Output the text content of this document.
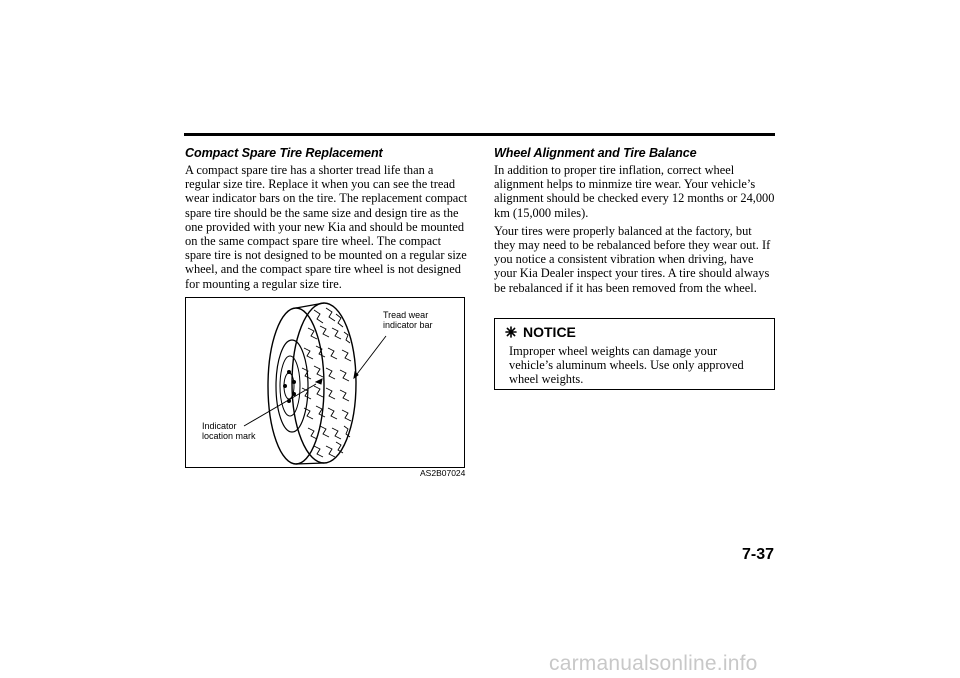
Compact Spare Tire Replacement

A compact spare tire has a shorter tread life than a regular size tire. Replace it when you can see the tread wear indicator bars on the tire. The replacement compact spare tire should be the same size and design tire as the one provided with your new Kia and should be mounted on the same compact spare tire wheel. The compact spare tire is not designed to be mounted on a regular size wheel, and the compact spare tire wheel is not designed for mounting a regular size tire.

Tread wear
indicator bar
Indicator
location mark
AS2B07024
Wheel Alignment and Tire Balance

In addition to proper tire inflation, correct wheel alignment helps to minmize tire wear. Your vehicle’s alignment should be checked every 12 months or 24,000 km (15,000 miles).

Your tires were properly balanced at the factory, but they may need to be rebalanced before they wear out. If you notice a consistent vibration when driving, have your Kia Dealer inspect your tires. A tire should always be rebalanced if it has been removed from the wheel.

NOTICE
Improper wheel weights can damage your vehicle’s aluminum wheels. Use only approved wheel weights.
7-37
carmanualsonline.info
